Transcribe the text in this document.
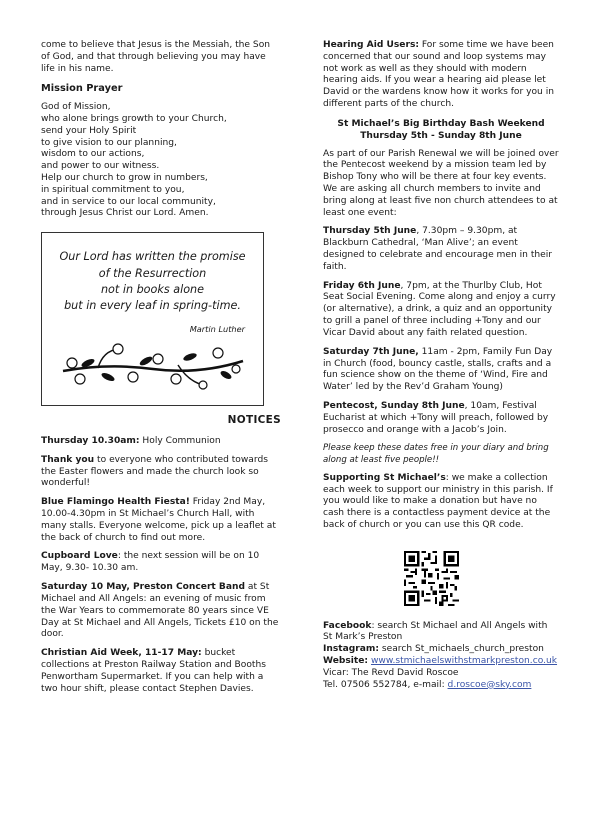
come to believe that Jesus is the Messiah, the Son of God, and that through believing you may have life in his name.

Mission Prayer
God of Mission,
who alone brings growth to your Church,
send your Holy Spirit
to give vision to our planning,
wisdom to our actions,
and power to our witness.
Help our church to grow in numbers,
in spiritual commitment to you,
and in service to our local community,
through Jesus Christ our Lord. Amen.
Our Lord has written the promise
of the Resurrection
not in books alone
but in every leaf in spring-time.
Martin Luther
NOTICES

Thursday 10.30am: Holy Communion

Thank you to everyone who contributed towards the Easter flowers and made the church look so wonderful!

Blue Flamingo Health Fiesta! Friday 2nd May, 10.00-4.30pm in St Michael’s Church Hall, with many stalls. Everyone welcome, pick up a leaflet at the back of church to find out more.

Cupboard Love: the next session will be on 10 May, 9.30- 10.30 am.

Saturday 10 May, Preston Concert Band at St Michael and All Angels: an evening of music from the War Years to commemorate 80 years since VE Day at St Michael and All Angels, Tickets £10 on the door.

Christian Aid Week, 11-17 May: bucket collections at Preston Railway Station and Booths Penwortham Supermarket. If you can help with a two hour shift, please contact Stephen Davies.

Hearing Aid Users: For some time we have been concerned that our sound and loop systems may not work as well as they should with modern hearing aids. If you wear a hearing aid please let David or the wardens know how it works for you in different parts of the church.

St Michael’s Big Birthday Bash Weekend
Thursday 5th - Sunday 8th June

As part of our Parish Renewal we will be joined over the Pentecost weekend by a mission team led by Bishop Tony who will be there at four key events. We are asking all church members to invite and bring along at least five non church attendees to at least one event:

Thursday 5th June, 7.30pm – 9.30pm, at Blackburn Cathedral, ‘Man Alive’; an event designed to celebrate and encourage men in their faith.

Friday 6th June, 7pm, at the Thurlby Club, Hot Seat Social Evening. Come along and enjoy a curry (or alternative), a drink, a quiz and an opportunity to grill a panel of three including +Tony and our Vicar David about any faith related question.

Saturday 7th June, 11am - 2pm, Family Fun Day in Church (food, bouncy castle, stalls, crafts and a fun science show on the theme of ‘Wind, Fire and Water’ led by the Rev’d Graham Young)

Pentecost, Sunday 8th June, 10am, Festival Eucharist at which +Tony will preach, followed by prosecco and orange with a Jacob’s Join.

Please keep these dates free in your diary and bring along at least five people!!

Supporting St Michael’s: we make a collection each week to support our ministry in this parish. If you would like to make a donation but have no cash there is a contactless payment device at the back of church or you can use this QR code.

Facebook: search St Michael and All Angels with St Mark’s Preston
Instagram: search St_michaels_church_preston
Website: www.stmichaelswithstmarkpreston.co.uk
Vicar: The Revd David Roscoe
Tel. 07506 552784, e-mail: d.roscoe@sky.com
